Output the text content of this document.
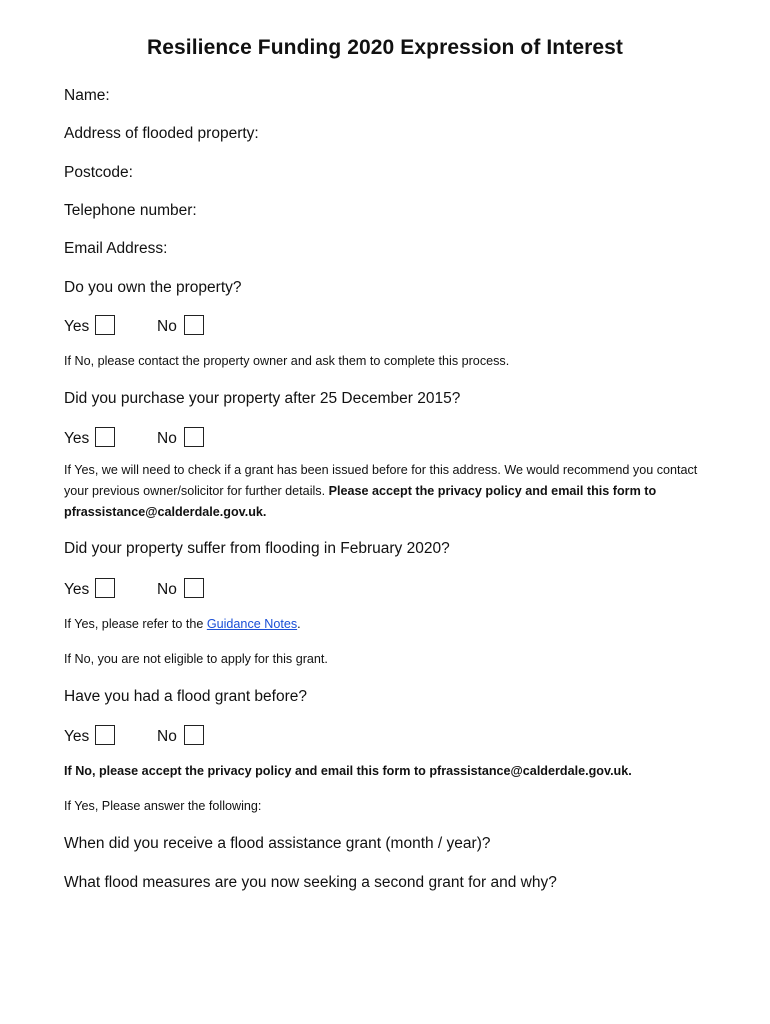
Resilience Funding 2020 Expression of Interest
Name:
Address of flooded property:
Postcode:
Telephone number:
Email Address:
Do you own the property?
Yes	No
If No, please contact the property owner and ask them to complete this process.
Did you purchase your property after 25 December 2015?
Yes	No
If Yes, we will need to check if a grant has been issued before for this address. We would recommend you contact your previous owner/solicitor for further details. Please accept the privacy policy and email this form to pfrassistance@calderdale.gov.uk.
Did your property suffer from flooding in February 2020?
Yes	No
If Yes, please refer to the Guidance Notes.
If No, you are not eligible to apply for this grant.
Have you had a flood grant before?
Yes	No
If No, please accept the privacy policy and email this form to pfrassistance@calderdale.gov.uk.
If Yes, Please answer the following:
When did you receive a flood assistance grant (month / year)?
What flood measures are you now seeking a second grant for and why?
